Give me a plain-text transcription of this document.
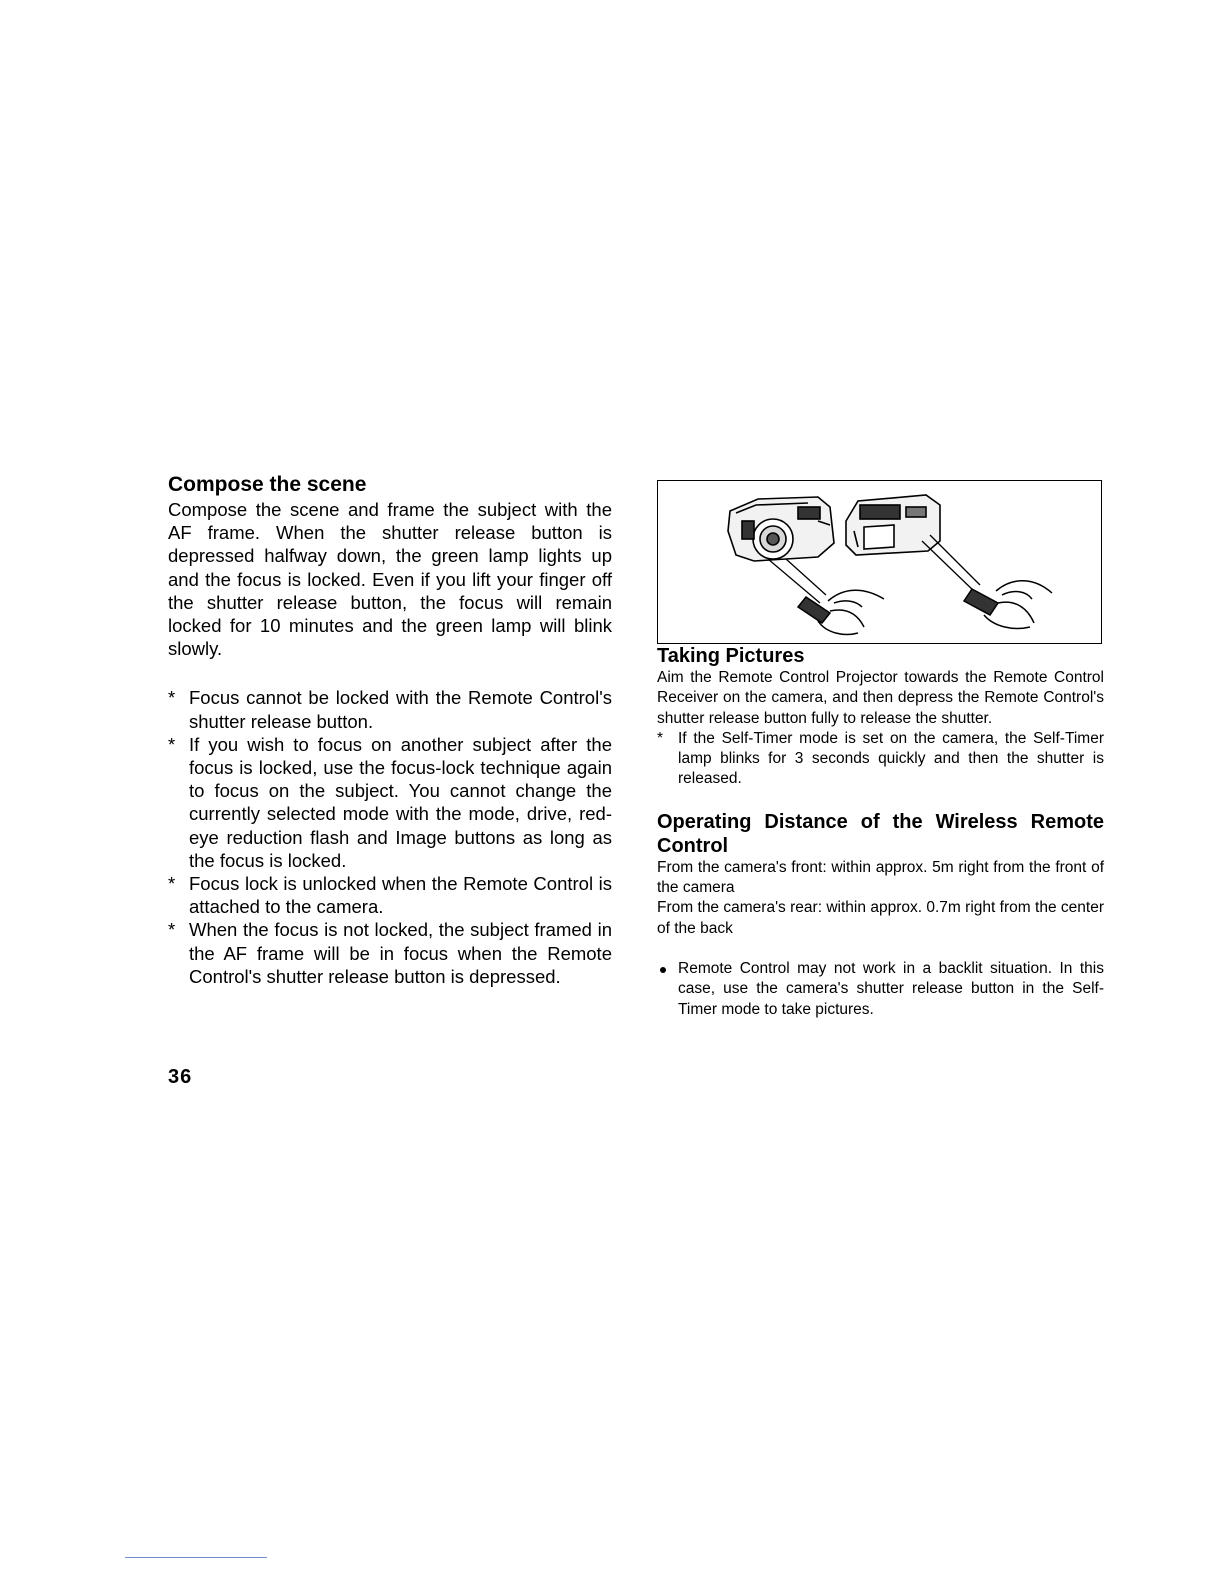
Compose the scene

Compose the scene and frame the subject with the AF frame. When the shutter release button is depressed halfway down, the green lamp lights up and the focus is locked. Even if you lift your finger off the shutter release button, the focus will remain locked for 10 minutes and the green lamp will blink slowly.

* Focus cannot be locked with the Remote Control's shutter release button.
* If you wish to focus on another subject after the focus is locked, use the focus-lock technique again to focus on the subject. You cannot change the currently selected mode with the mode, drive, red-eye reduction flash and Image buttons as long as the focus is locked.
* Focus lock is unlocked when the Remote Control is attached to the camera.
* When the focus is not locked, the subject framed in the AF frame will be in focus when the Remote Control's shutter release button is depressed.
36
Taking Pictures

Aim the Remote Control Projector towards the Remote Control Receiver on the camera, and then depress the Remote Control's shutter release button fully to release the shutter.

* If the Self-Timer mode is set on the camera, the Self-Timer lamp blinks for 3 seconds quickly and then the shutter is released.
Operating Distance of the Wireless Remote Control

From the camera's front: within approx. 5m right from the front of the camera

From the camera's rear: within approx. 0.7m right from the center of the back

Remote Control may not work in a backlit situation. In this case, use the camera's shutter release button in the Self-Timer mode to take pictures.
